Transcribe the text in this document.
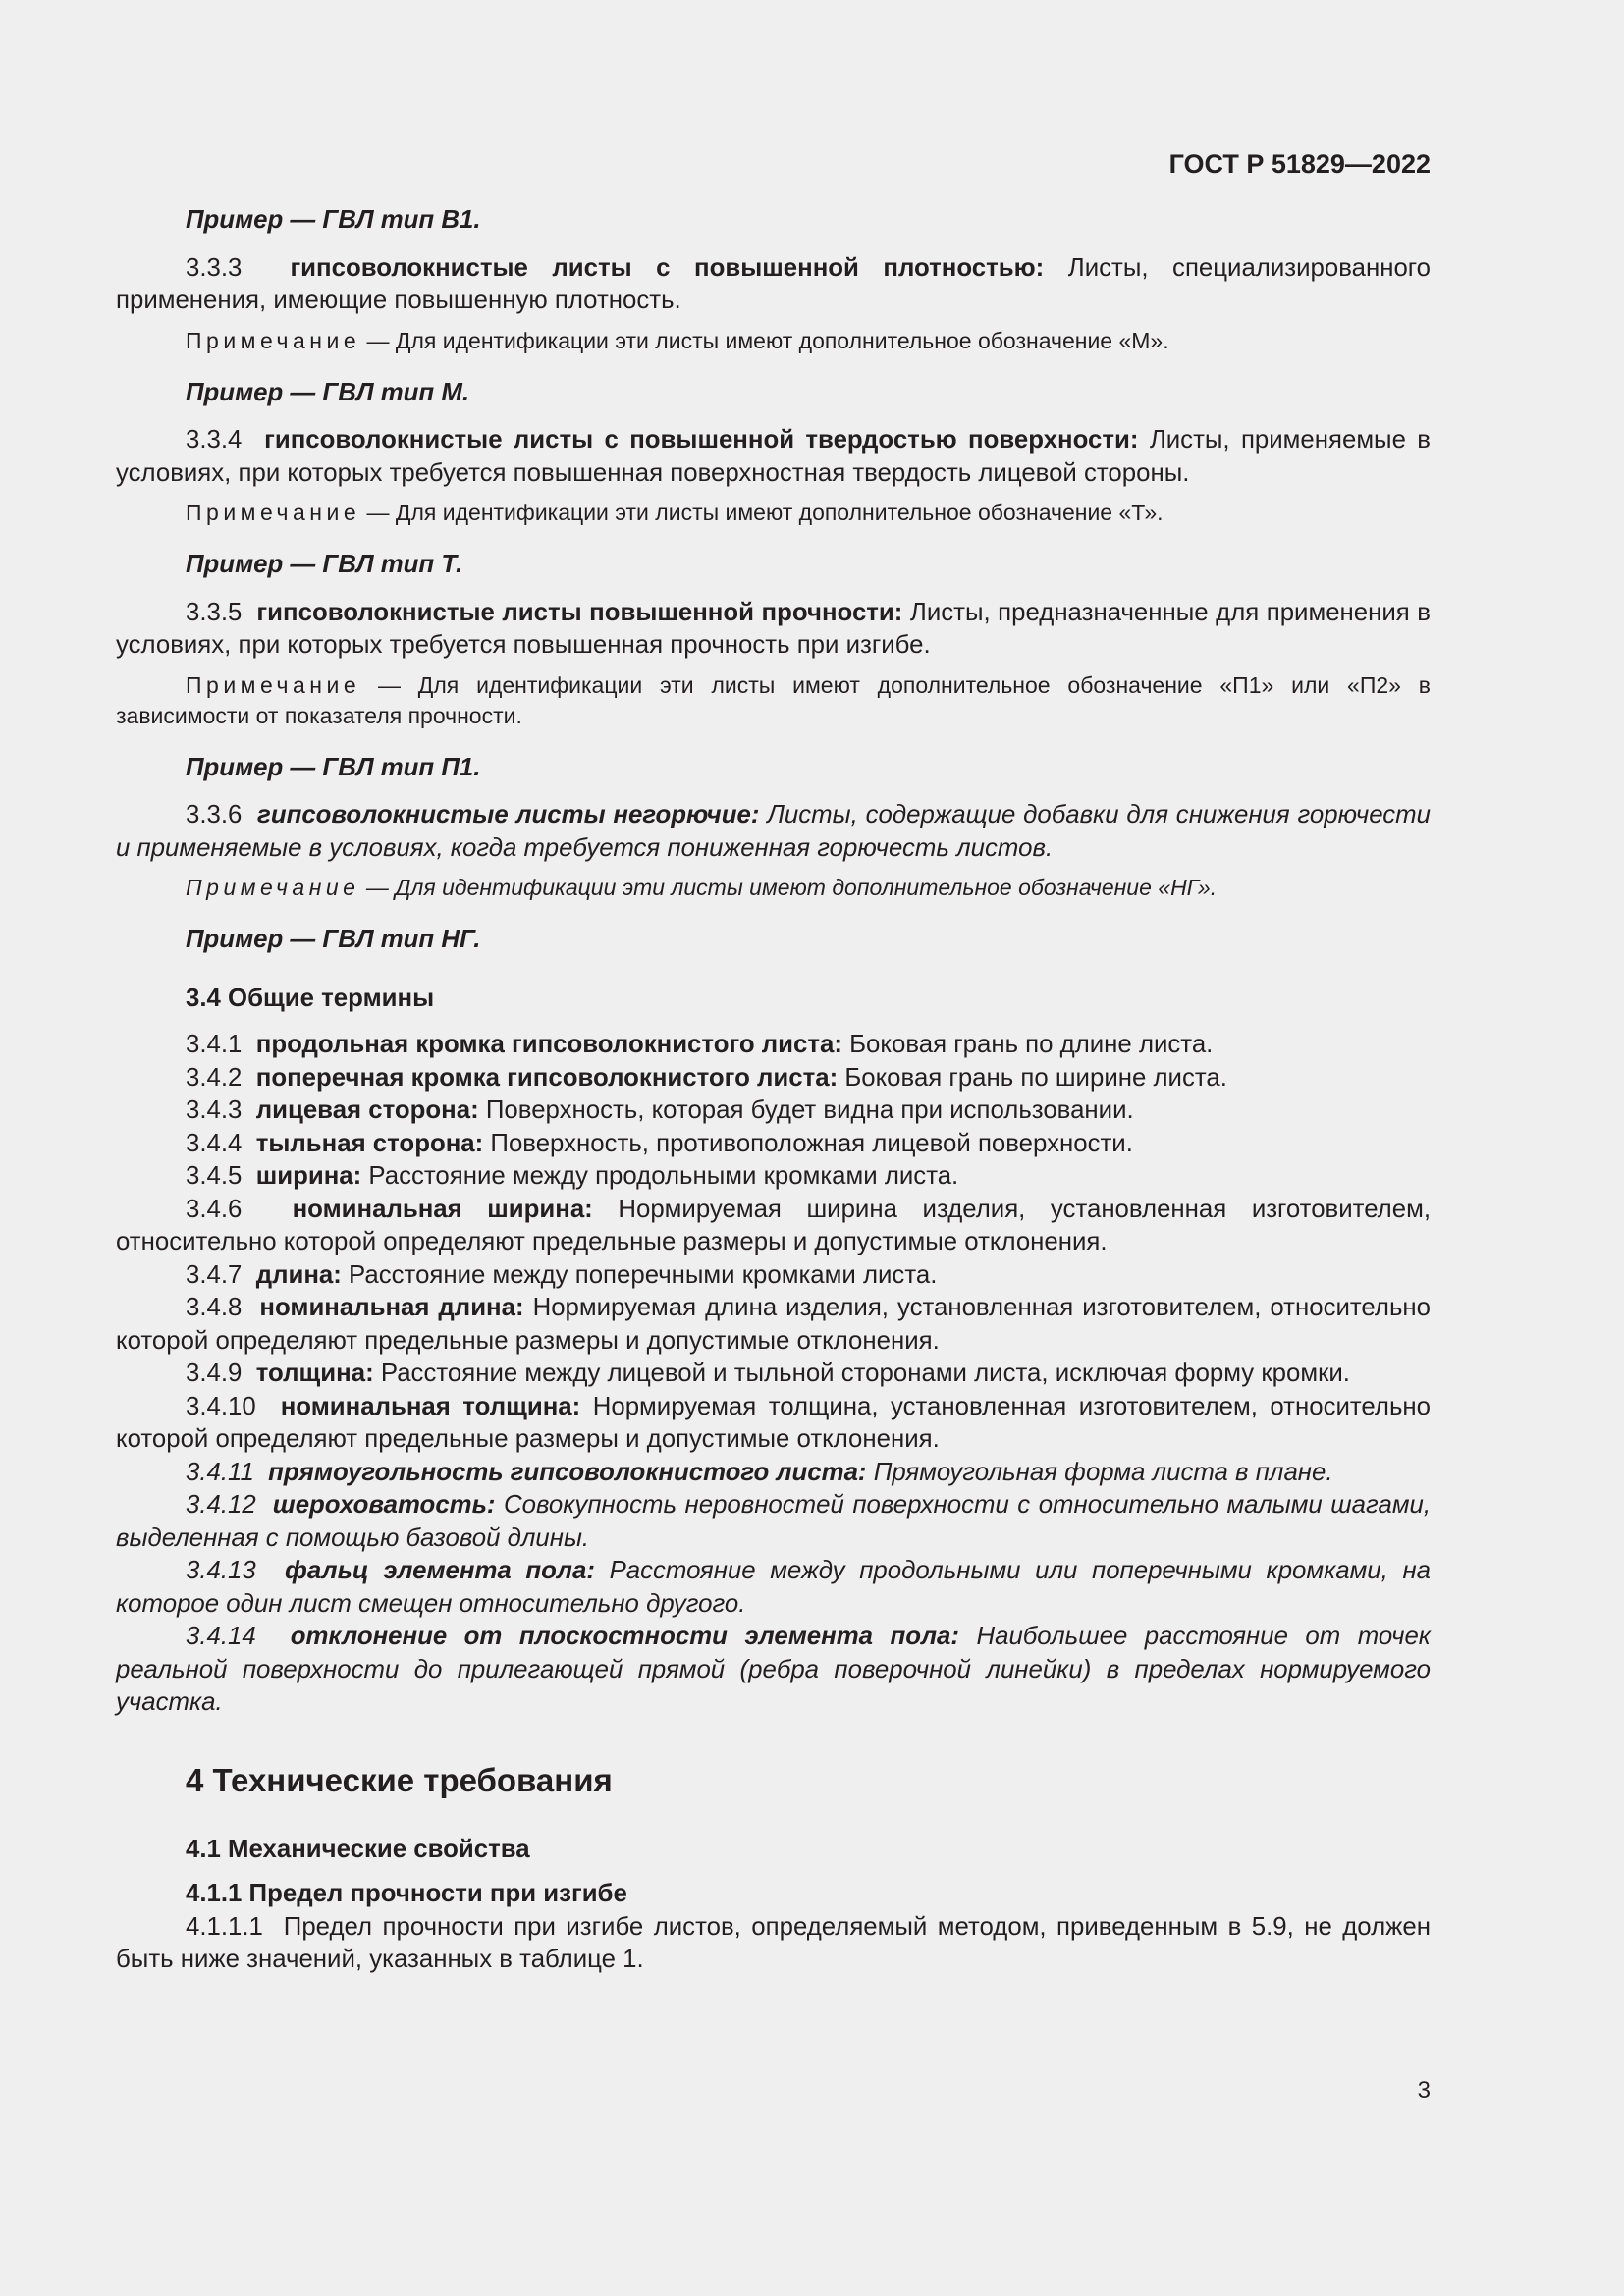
ГОСТ Р 51829—2022

Пример — ГВЛ тип В1.

3.3.3 гипсоволокнистые листы с повышенной плотностью: Листы, специализированного применения, имеющие повышенную плотность.

Примечание — Для идентификации эти листы имеют дополнительное обозначение «М».

Пример — ГВЛ тип М.

3.3.4 гипсоволокнистые листы с повышенной твердостью поверхности: Листы, применяемые в условиях, при которых требуется повышенная поверхностная твердость лицевой стороны.

Примечание — Для идентификации эти листы имеют дополнительное обозначение «Т».

Пример — ГВЛ тип Т.

3.3.5 гипсоволокнистые листы повышенной прочности: Листы, предназначенные для применения в условиях, при которых требуется повышенная прочность при изгибе.

Примечание — Для идентификации эти листы имеют дополнительное обозначение «П1» или «П2» в зависимости от показателя прочности.

Пример — ГВЛ тип П1.

3.3.6 гипсоволокнистые листы негорючие: Листы, содержащие добавки для снижения горючести и применяемые в условиях, когда требуется пониженная горючесть листов.

Примечание — Для идентификации эти листы имеют дополнительное обозначение «НГ».

Пример — ГВЛ тип НГ.

3.4 Общие термины

3.4.1 продольная кромка гипсоволокнистого листа: Боковая грань по длине листа.

3.4.2 поперечная кромка гипсоволокнистого листа: Боковая грань по ширине листа.

3.4.3 лицевая сторона: Поверхность, которая будет видна при использовании.

3.4.4 тыльная сторона: Поверхность, противоположная лицевой поверхности.

3.4.5 ширина: Расстояние между продольными кромками листа.

3.4.6 номинальная ширина: Нормируемая ширина изделия, установленная изготовителем, относительно которой определяют предельные размеры и допустимые отклонения.

3.4.7 длина: Расстояние между поперечными кромками листа.

3.4.8 номинальная длина: Нормируемая длина изделия, установленная изготовителем, относительно которой определяют предельные размеры и допустимые отклонения.

3.4.9 толщина: Расстояние между лицевой и тыльной сторонами листа, исключая форму кромки.

3.4.10 номинальная толщина: Нормируемая толщина, установленная изготовителем, относительно которой определяют предельные размеры и допустимые отклонения.

3.4.11 прямоугольность гипсоволокнистого листа: Прямоугольная форма листа в плане.

3.4.12 шероховатость: Совокупность неровностей поверхности с относительно малыми шагами, выделенная с помощью базовой длины.

3.4.13 фальц элемента пола: Расстояние между продольными или поперечными кромками, на которое один лист смещен относительно другого.

3.4.14 отклонение от плоскостности элемента пола: Наибольшее расстояние от точек реальной поверхности до прилегающей прямой (ребра поверочной линейки) в пределах нормируемого участка.

4 Технические требования

4.1 Механические свойства

4.1.1 Предел прочности при изгибе

4.1.1.1 Предел прочности при изгибе листов, определяемый методом, приведенным в 5.9, не должен быть ниже значений, указанных в таблице 1.

3
